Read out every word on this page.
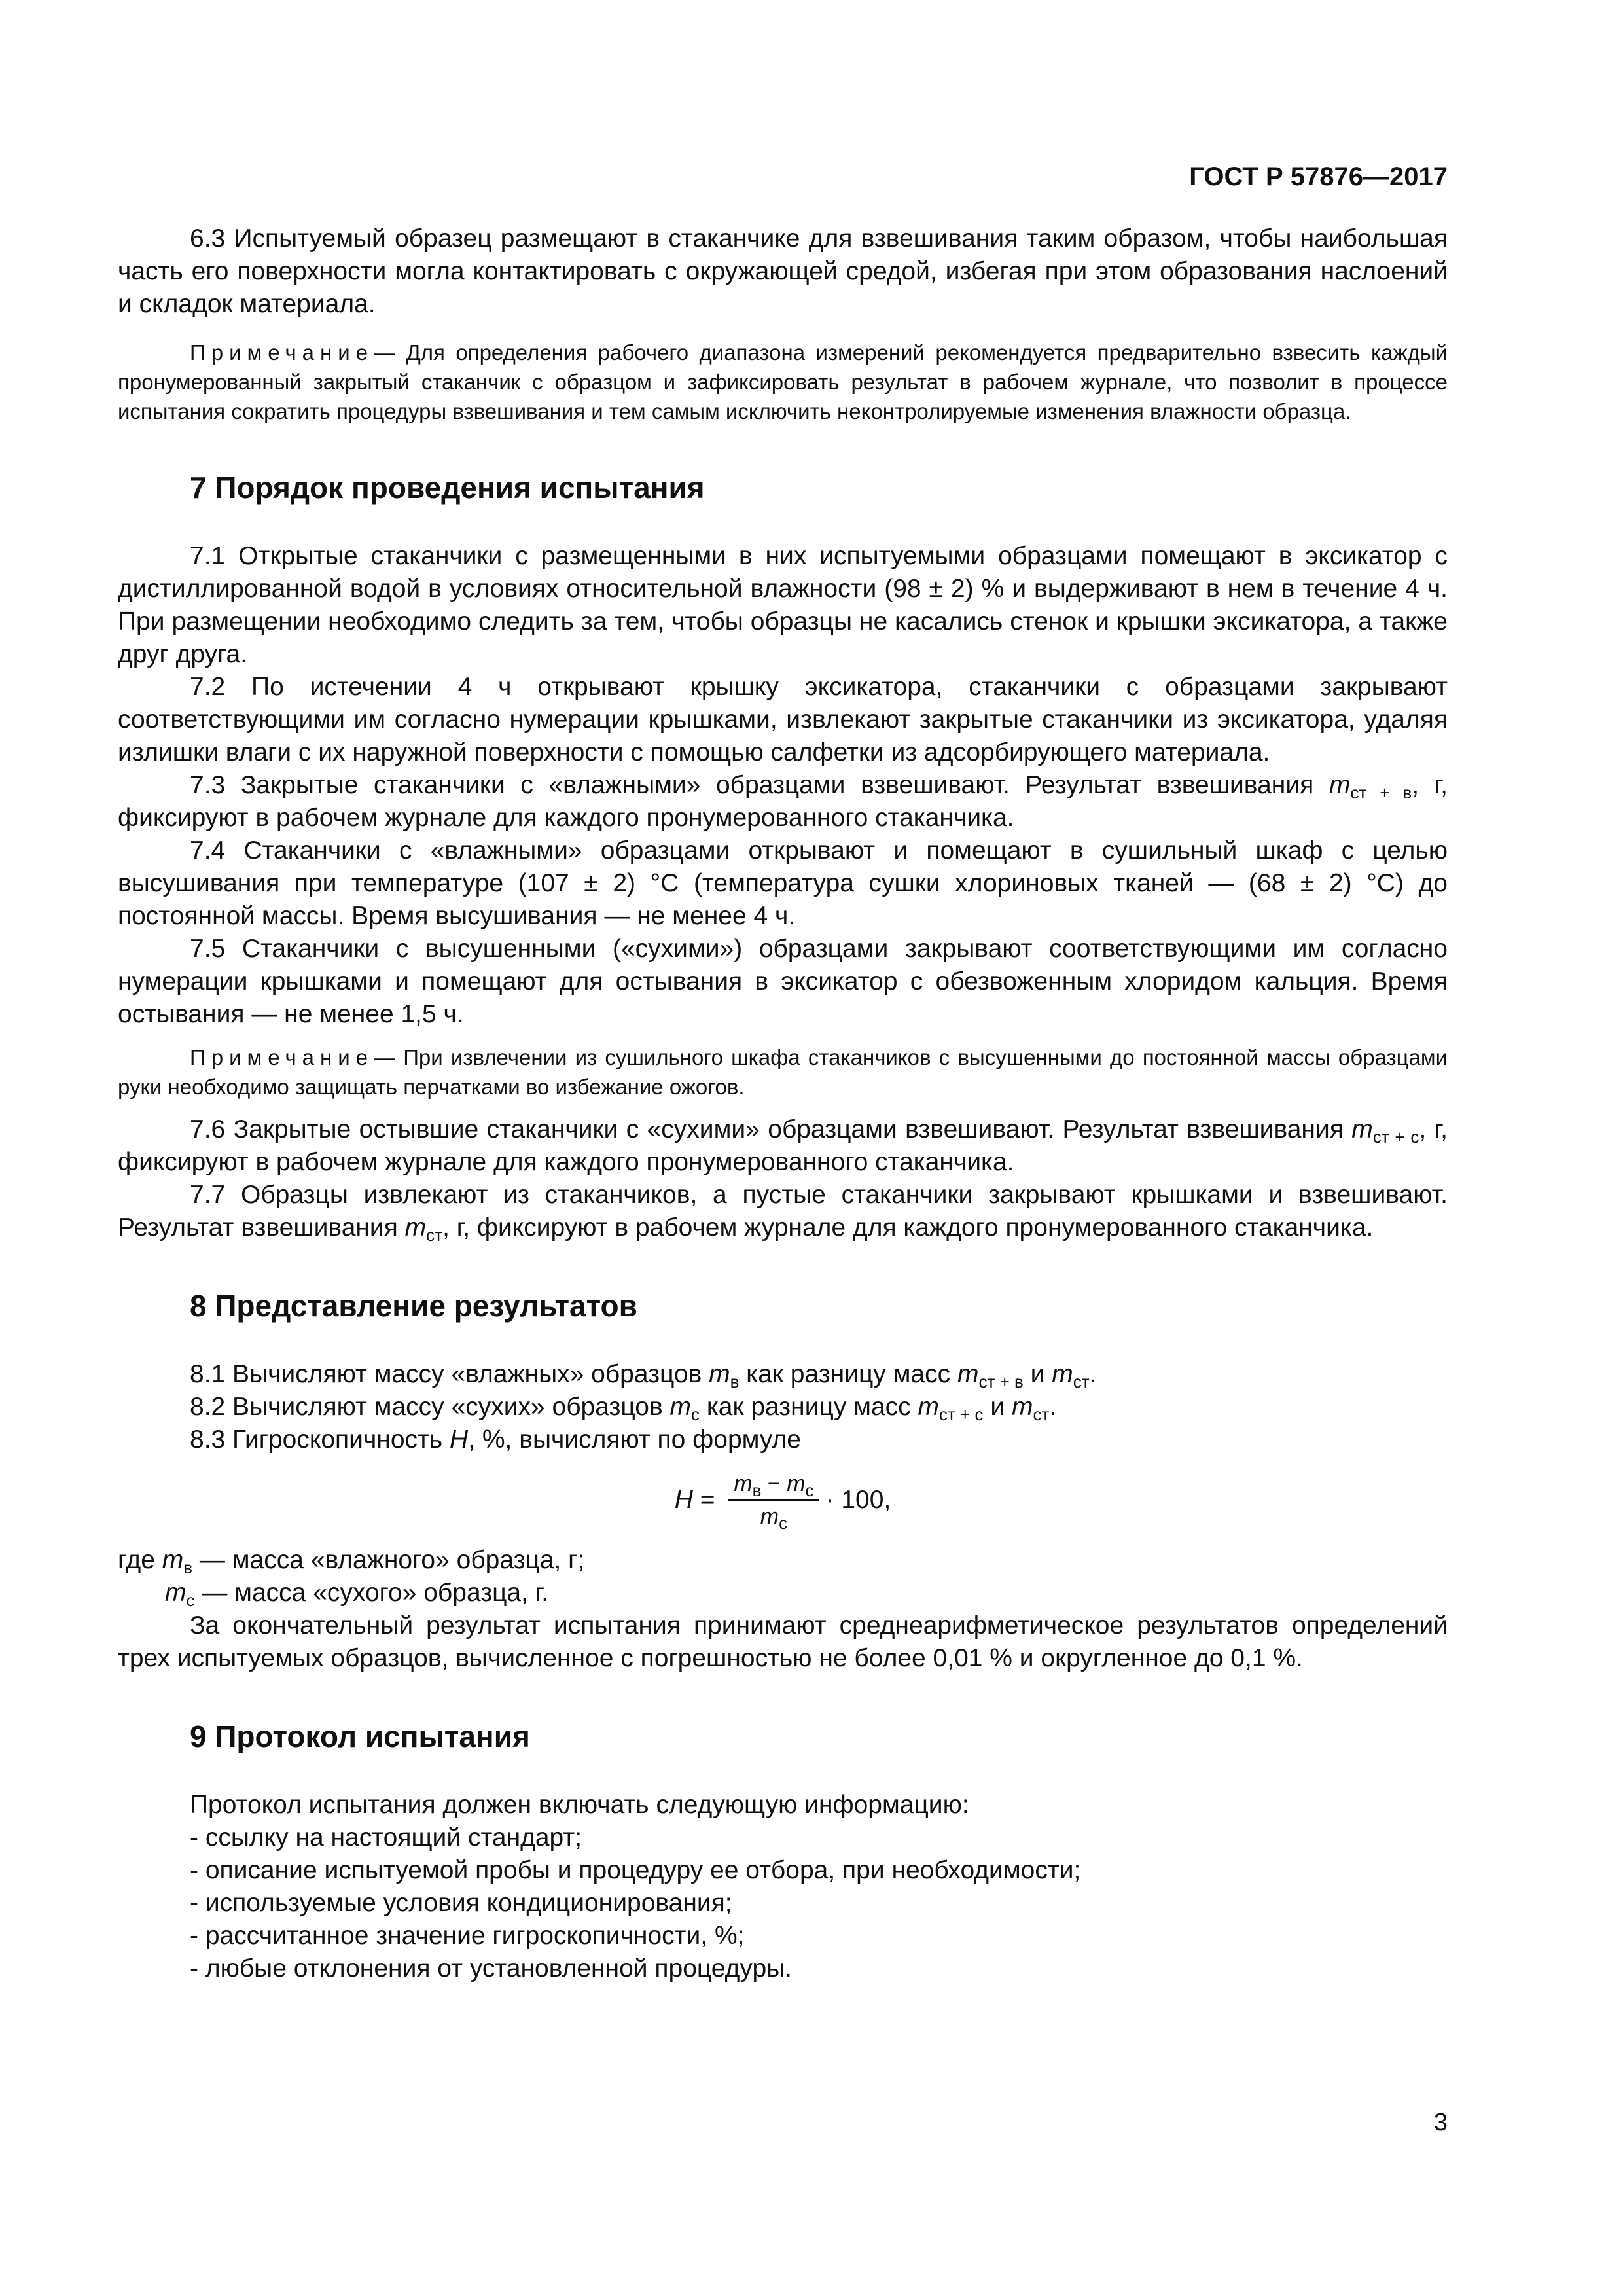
ГОСТ Р 57876—2017

6.3 Испытуемый образец размещают в стаканчике для взвешивания таким образом, чтобы наибольшая часть его поверхности могла контактировать с окружающей средой, избегая при этом образования наслоений и складок материала.

Примечание— Для определения рабочего диапазона измерений рекомендуется предварительно взвесить каждый пронумерованный закрытый стаканчик с образцом и зафиксировать результат в рабочем журнале, что позволит в процессе испытания сократить процедуры взвешивания и тем самым исключить неконтролируемые изменения влажности образца.

7 Порядок проведения испытания

7.1 Открытые стаканчики с размещенными в них испытуемыми образцами помещают в эксикатор с дистиллированной водой в условиях относительной влажности (98 ± 2) % и выдерживают в нем в течение 4 ч. При размещении необходимо следить за тем, чтобы образцы не касались стенок и крышки эксикатора, а также друг друга.

7.2 По истечении 4 ч открывают крышку эксикатора, стаканчики с образцами закрывают соответствующими им согласно нумерации крышками, извлекают закрытые стаканчики из эксикатора, удаляя излишки влаги с их наружной поверхности с помощью салфетки из адсорбирующего материала.

7.3 Закрытые стаканчики с «влажными» образцами взвешивают. Результат взвешивания $m_{ст + в}$, г, фиксируют в рабочем журнале для каждого пронумерованного стаканчика.

7.4 Стаканчики с «влажными» образцами открывают и помещают в сушильный шкаф с целью высушивания при температуре (107 ± 2) °С (температура сушки хлориновых тканей — (68 ± 2) °С) до постоянной массы. Время высушивания — не менее 4 ч.

7.5 Стаканчики с высушенными («сухими») образцами закрывают соответствующими им согласно нумерации крышками и помещают для остывания в эксикатор с обезвоженным хлоридом кальция. Время остывания — не менее 1,5 ч.

Примечание— При извлечении из сушильного шкафа стаканчиков с высушенными до постоянной массы образцами руки необходимо защищать перчатками во избежание ожогов.

7.6 Закрытые остывшие стаканчики с «сухими» образцами взвешивают. Результат взвешивания $m_{ст + с}$, г, фиксируют в рабочем журнале для каждого пронумерованного стаканчика.

7.7 Образцы извлекают из стаканчиков, а пустые стаканчики закрывают крышками и взвешивают. Результат взвешивания $m_{ст}$, г, фиксируют в рабочем журнале для каждого пронумерованного стаканчика.

8 Представление результатов

8.1 Вычисляют массу «влажных» образцов $m_в$ как разницу масс $m_{ст + в}$ и $m_{ст}$.

8.2 Вычисляют массу «сухих» образцов $m_с$ как разницу масс $m_{ст + с}$ и $m_{ст}$.

8.3 Гигроскопичность H, %, вычисляют по формуле

$H = \frac{m_в - m_с}{m_с} \cdot 100$,

где $m_в$ — масса «влажного» образца, г;

$m_с$ — масса «сухого» образца, г.

За окончательный результат испытания принимают среднеарифметическое результатов определений трех испытуемых образцов, вычисленное с погрешностью не более 0,01 % и округленное до 0,1 %.

9 Протокол испытания

Протокол испытания должен включать следующую информацию:

- ссылку на настоящий стандарт;

- описание испытуемой пробы и процедуру ее отбора, при необходимости;

- используемые условия кондиционирования;

- рассчитанное значение гигроскопичности, %;

- любые отклонения от установленной процедуры.

3
